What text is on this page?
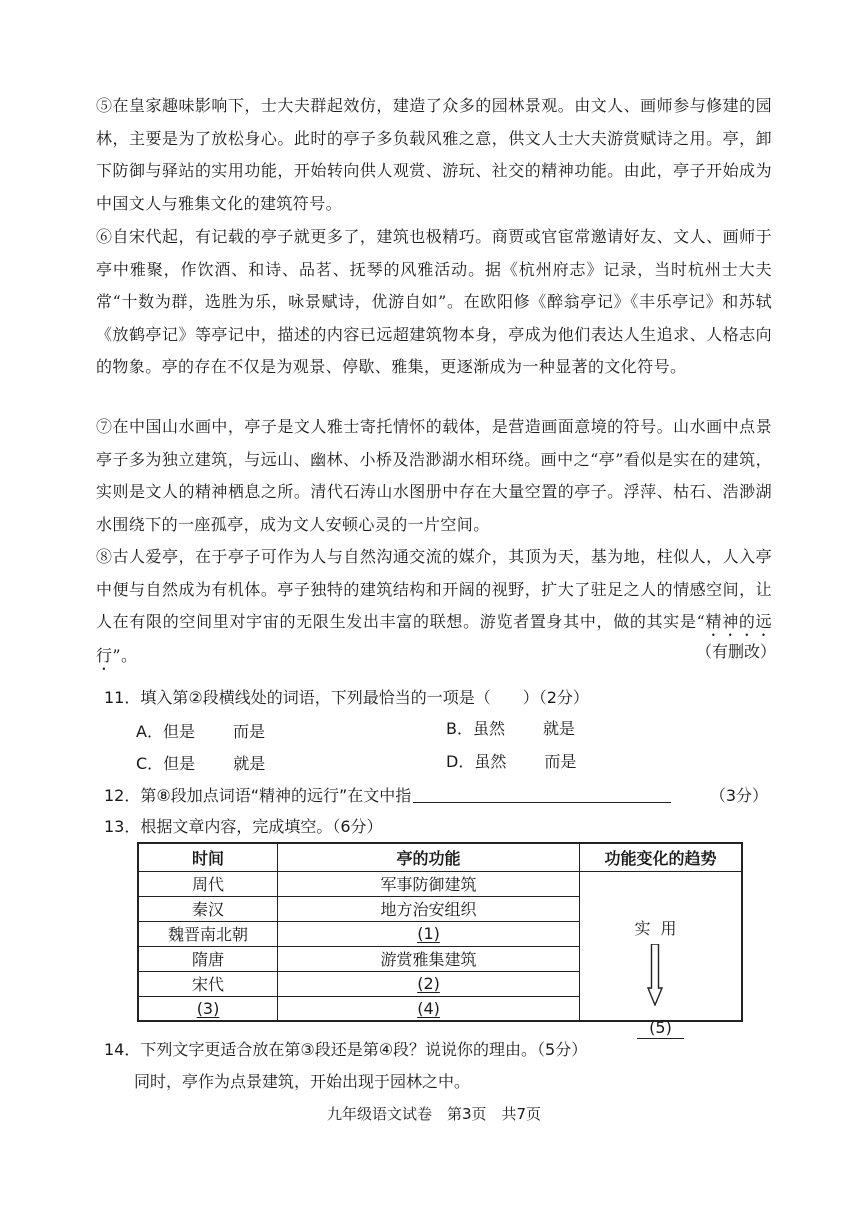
⑤在皇家趣味影响下，士大夫群起效仿，建造了众多的园林景观。由文人、画师参与修建的园林，主要是为了放松身心。此时的亭子多负载风雅之意，供文人士大夫游赏赋诗之用。亭，卸下防御与驿站的实用功能，开始转向供人观赏、游玩、社交的精神功能。由此，亭子开始成为中国文人与雅集文化的建筑符号。
⑥自宋代起，有记载的亭子就更多了，建筑也极精巧。商贾或官宦常邀请好友、文人、画师于亭中雅聚，作饮酒、和诗、品茗、抚琴的风雅活动。据《杭州府志》记录，当时杭州士大夫常“十数为群，选胜为乐，咏景赋诗，优游自如”。在欧阳修《醉翁亭记》《丰乐亭记》和苏轼《放鹤亭记》等亭记中，描述的内容已远超建筑物本身，亭成为他们表达人生追求、人格志向的物象。亭的存在不仅是为观景、停歇、雅集，更逐渐成为一种显著的文化符号。
⑦在中国山水画中，亭子是文人雅士寄托情怀的载体，是营造画面意境的符号。山水画中点景亭子多为独立建筑，与远山、幽林、小桥及浩渺湖水相环绕。画中之“亭”看似是实在的建筑，实则是文人的精神栖息之所。清代石涛山水图册中存在大量空置的亭子。浮萍、枯石、浩渺湖水围绕下的一座孤亭，成为文人安顿心灵的一片空间。
⑧古人爱亭，在于亭子可作为人与自然沟通交流的媒介，其顶为天，基为地，柱似人，人入亭中便与自然成为有机体。亭子独特的建筑结构和开阔的视野，扩大了驻足之人的情感空间，让人在有限的空间里对宇宙的无限生发出丰富的联想。游览者置身其中，做的其实是“精神的远行”。	（有删改）
11．填入第②段横线处的词语，下列最恰当的一项是（　　）（2分）
A．但是 而是	B．虽然 就是
C．但是 就是	D．虽然 而是
12．第⑧段加点词语“精神的远行”在文中指	（3分）
13．根据文章内容，完成填空。（6分）
时间	亭的功能	功能变化的趋势
周代	军事防御建筑	实用
(5)

秦汉	地方治安组织	
魏晋南北朝	(1)	
隋唐	游赏雅集建筑	
宋代	(2)	
(3)	(4)	
14．下列文字更适合放在第③段还是第④段？说说你的理由。（5分）
同时，亭作为点景建筑，开始出现于园林之中。
九年级语文试卷　第3页　共7页
